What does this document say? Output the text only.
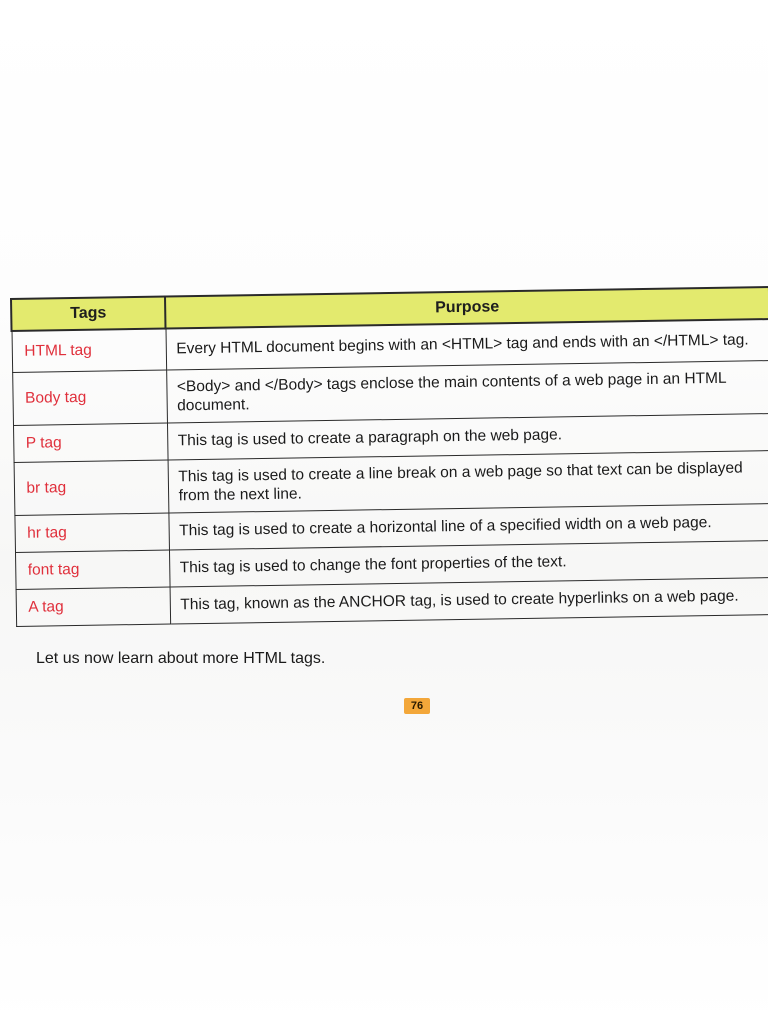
Tags	Purpose
HTML tag	Every HTML document begins with an <HTML> tag and ends with an </HTML> tag.
Body tag	<Body> and </Body> tags enclose the main contents of a web page in an HTML document.
P tag	This tag is used to create a paragraph on the web page.
br tag	This tag is used to create a line break on a web page so that text can be displayed from the next line.
hr tag	This tag is used to create a horizontal line of a specified width on a web page.
font tag	This tag is used to change the font properties of the text.
A tag	This tag, known as the ANCHOR tag, is used to create hyperlinks on a web page.
Let us now learn about more HTML tags.
76
